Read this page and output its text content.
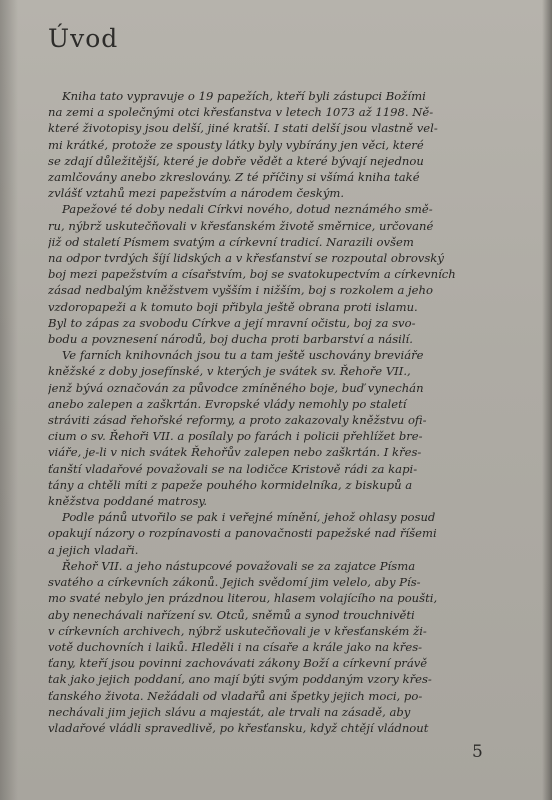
Úvod
Kniha tato vypravuje o 19 papežích, kteří byli zástupci Božími
na zemi a společnými otci křesťanstva v letech 1073 až 1198. Ně-
které životopisy jsou delší, jiné kratší. I stati delší jsou vlastně vel-
mi krátké, protože ze spousty látky byly vybírány jen věci, které
se zdají důležitější, které je dobře vědět a které bývají nejednou
zamlčovány anebo zkreslovány. Z té příčiny si všímá kniha také
zvlášť vztahů mezi papežstvím a národem českým.
Papežové té doby nedali Církvi nového, dotud neznámého smě-
ru, nýbrž uskutečňovali v křesťanském životě směrnice, určované
již od staletí Písmem svatým a církevní tradicí. Narazili ovšem
na odpor tvrdých šíjí lidských a v křesťanství se rozpoutal obrovský
boj mezi papežstvím a císařstvím, boj se svatokupectvím a církevních
zásad nedbalým kněžstvem vyšším i nižším, boj s rozkolem a jeho
vzdoropapeži a k tomuto boji přibyla ještě obrana proti islamu.
Byl to zápas za svobodu Církve a její mravní očistu, boj za svo-
bodu a povznesení národů, boj ducha proti barbarství a násilí.
Ve farních knihovnách jsou tu a tam ještě uschovány breviáře
kněžské z doby josefínské, v kterých je svátek sv. Řehoře VII.,
jenž bývá označován za původce zmíněného boje, buď vynechán
anebo zalepen a zaškrtán. Evropské vlády nemohly po staletí
stráviti zásad řehořské reformy, a proto zakazovaly kněžstvu ofi-
cium o sv. Řehoři VII. a posílaly po farách i policii přehlížet bre-
viáře, je-li v nich svátek Řehořův zalepen nebo zaškrtán. I křes-
ťanští vladařové považovali se na lodičce Kristově rádi za kapi-
tány a chtěli míti z papeže pouhého kormidelníka, z biskupů a
kněžstva poddané matrosy.
Podle pánů utvořilo se pak i veřejné mínění, jehož ohlasy posud
opakují názory o rozpínavosti a panovačnosti papežské nad říšemi
a jejich vladaři.
Řehoř VII. a jeho nástupcové považovali se za zajatce Písma
svatého a církevních zákonů. Jejich svědomí jim velelo, aby Pís-
mo svaté nebylo jen prázdnou literou, hlasem volajícího na poušti,
aby nenechávali nařízení sv. Otců, sněmů a synod trouchnivěti
v církevních archivech, nýbrž uskutečňovali je v křesťanském ži-
votě duchovních i laiků. Hleděli i na císaře a krále jako na křes-
ťany, kteří jsou povinni zachovávati zákony Boží a církevní právě
tak jako jejich poddaní, ano mají býti svým poddaným vzory křes-
ťanského života. Nežádali od vladařů ani špetky jejich moci, po-
nechávali jim jejich slávu a majestát, ale trvali na zásadě, aby
vladařové vládli spravedlivě, po křesťansku, když chtějí vládnout
5
